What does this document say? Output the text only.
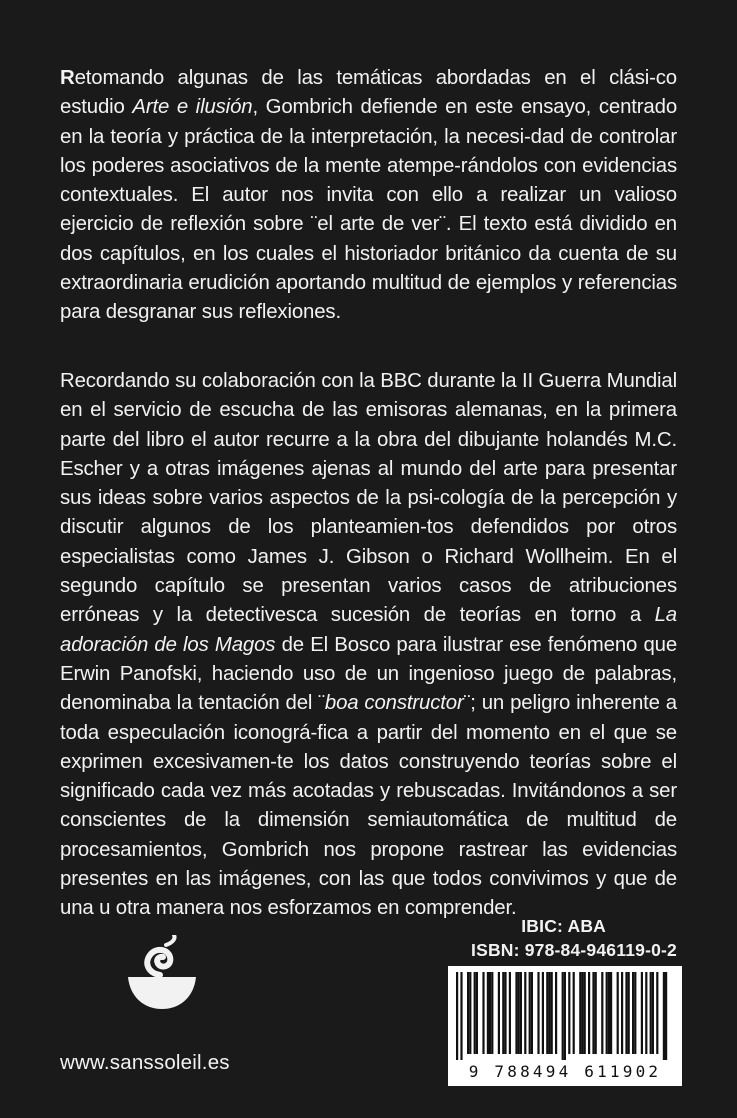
Retomando algunas de las temáticas abordadas en el clási-co estudio Arte e ilusión, Gombrich defiende en este ensayo, centrado en la teoría y práctica de la interpretación, la necesi-dad de controlar los poderes asociativos de la mente atempe-rándolos con evidencias contextuales. El autor nos invita con ello a realizar un valioso ejercicio de reflexión sobre ¨el arte de ver¨. El texto está dividido en dos capítulos, en los cuales el historiador británico da cuenta de su extraordinaria erudición aportando multitud de ejemplos y referencias para desgranar sus reflexiones.

Recordando su colaboración con la BBC durante la II Guerra Mundial en el servicio de escucha de las emisoras alemanas, en la primera parte del libro el autor recurre a la obra del dibujante holandés M.C. Escher y a otras imágenes ajenas al mundo del arte para presentar sus ideas sobre varios aspectos de la psi-cología de la percepción y discutir algunos de los planteamien-tos defendidos por otros especialistas como James J. Gibson o Richard Wollheim. En el segundo capítulo se presentan varios casos de atribuciones erróneas y la detectivesca sucesión de teorías en torno a La adoración de los Magos de El Bosco para ilustrar ese fenómeno que Erwin Panofski, haciendo uso de un ingenioso juego de palabras, denominaba la tentación del ¨boa constructor¨; un peligro inherente a toda especulación iconográ-fica a partir del momento en el que se exprimen excesivamen-te los datos construyendo teorías sobre el significado cada vez más acotadas y rebuscadas. Invitándonos a ser conscientes de la dimensión semiautomática de multitud de procesamientos, Gombrich nos propone rastrear las evidencias presentes en las imágenes, con las que todos convivimos y que de una u otra manera nos esforzamos en comprender.

www.sanssoleil.es
IBIC: ABA
ISBN: 978-84-946119-0-2
9 788494 611902
